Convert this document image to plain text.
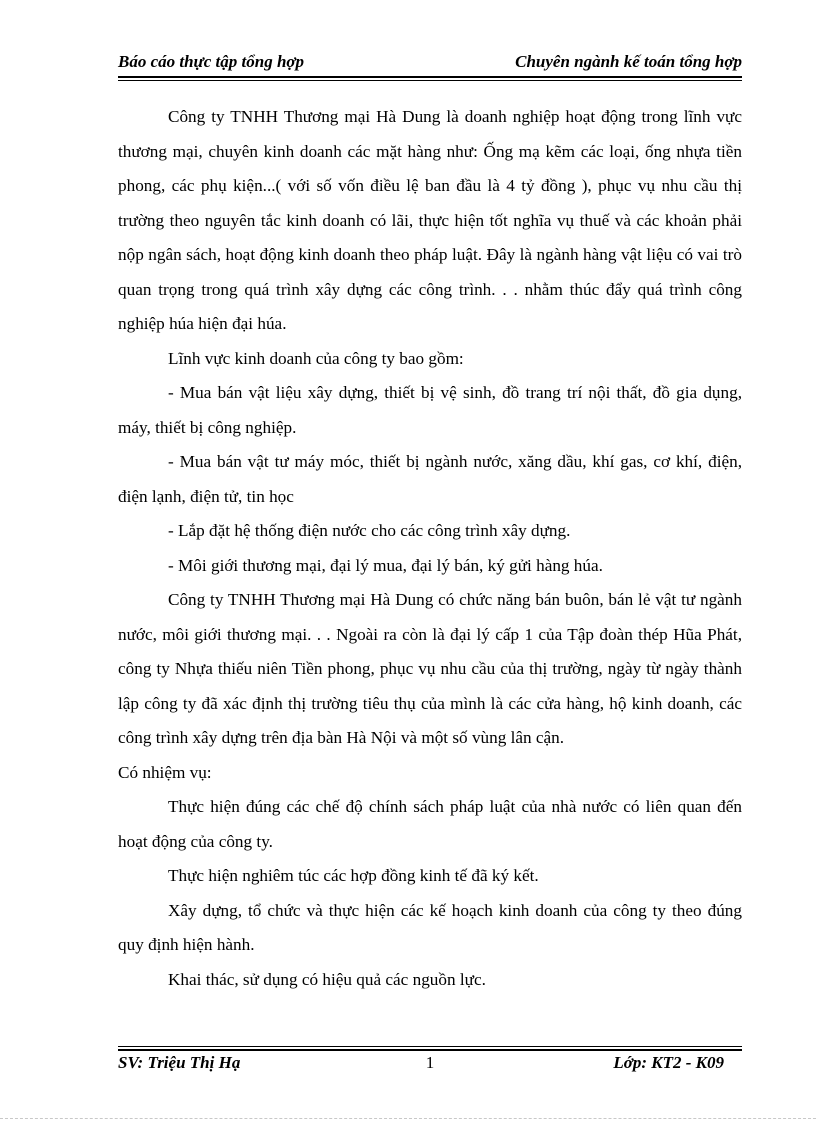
Báo cáo thực tập tổng hợp	Chuyên ngành kế toán tổng hợp

Công ty TNHH Thương mại Hà Dung là doanh nghiệp hoạt động trong lĩnh vực thương mại, chuyên kinh doanh các mặt hàng như: Ống mạ kẽm các loại, ống nhựa tiền phong, các phụ kiện...( với số vốn điều lệ ban đầu là 4 tỷ đồng ), phục vụ nhu cầu thị trường theo nguyên tắc kinh doanh có lãi, thực hiện tốt nghĩa vụ thuế và các khoản phải nộp ngân sách, hoạt động kinh doanh theo pháp luật. Đây là ngành hàng vật liệu có vai trò quan trọng trong quá trình xây dựng các công trình. . . nhằm thúc đẩy quá trình công nghiệp húa hiện đại húa.

Lĩnh vực kinh doanh của công ty bao gồm:

- Mua bán vật liệu xây dựng, thiết bị vệ sinh, đồ trang trí nội thất, đồ gia dụng, máy, thiết bị công nghiệp.

- Mua bán vật tư máy móc, thiết bị ngành nước, xăng dầu, khí gas, cơ khí, điện, điện lạnh, điện tử, tin học

- Lắp đặt hệ thống điện nước cho các công trình xây dựng.

- Môi giới thương mại, đại lý mua, đại lý bán, ký gửi hàng húa.

Công ty TNHH Thương mại Hà Dung có chức năng bán buôn, bán lẻ vật tư ngành nước, môi giới thương mại. . . Ngoài ra còn là đại lý cấp 1 của Tập đoàn thép Hũa Phát, công ty Nhựa thiếu niên Tiền phong, phục vụ nhu cầu của thị trường, ngày từ ngày thành lập công ty đã xác định thị trường tiêu thụ của mình là các cửa hàng, hộ kinh doanh, các công trình xây dựng trên địa bàn Hà Nội và một số vùng lân cận.

Có nhiệm vụ:

Thực hiện đúng các chế độ chính sách pháp luật của nhà nước có liên quan đến hoạt động của công ty.

Thực hiện nghiêm túc các hợp đồng kinh tế đã ký kết.

Xây dựng, tổ chức và thực hiện các kế hoạch kinh doanh của công ty theo đúng quy định hiện hành.

Khai thác, sử dụng có hiệu quả các nguồn lực.

SV: Triệu Thị Hạ	1	Lớp: KT2 - K09
